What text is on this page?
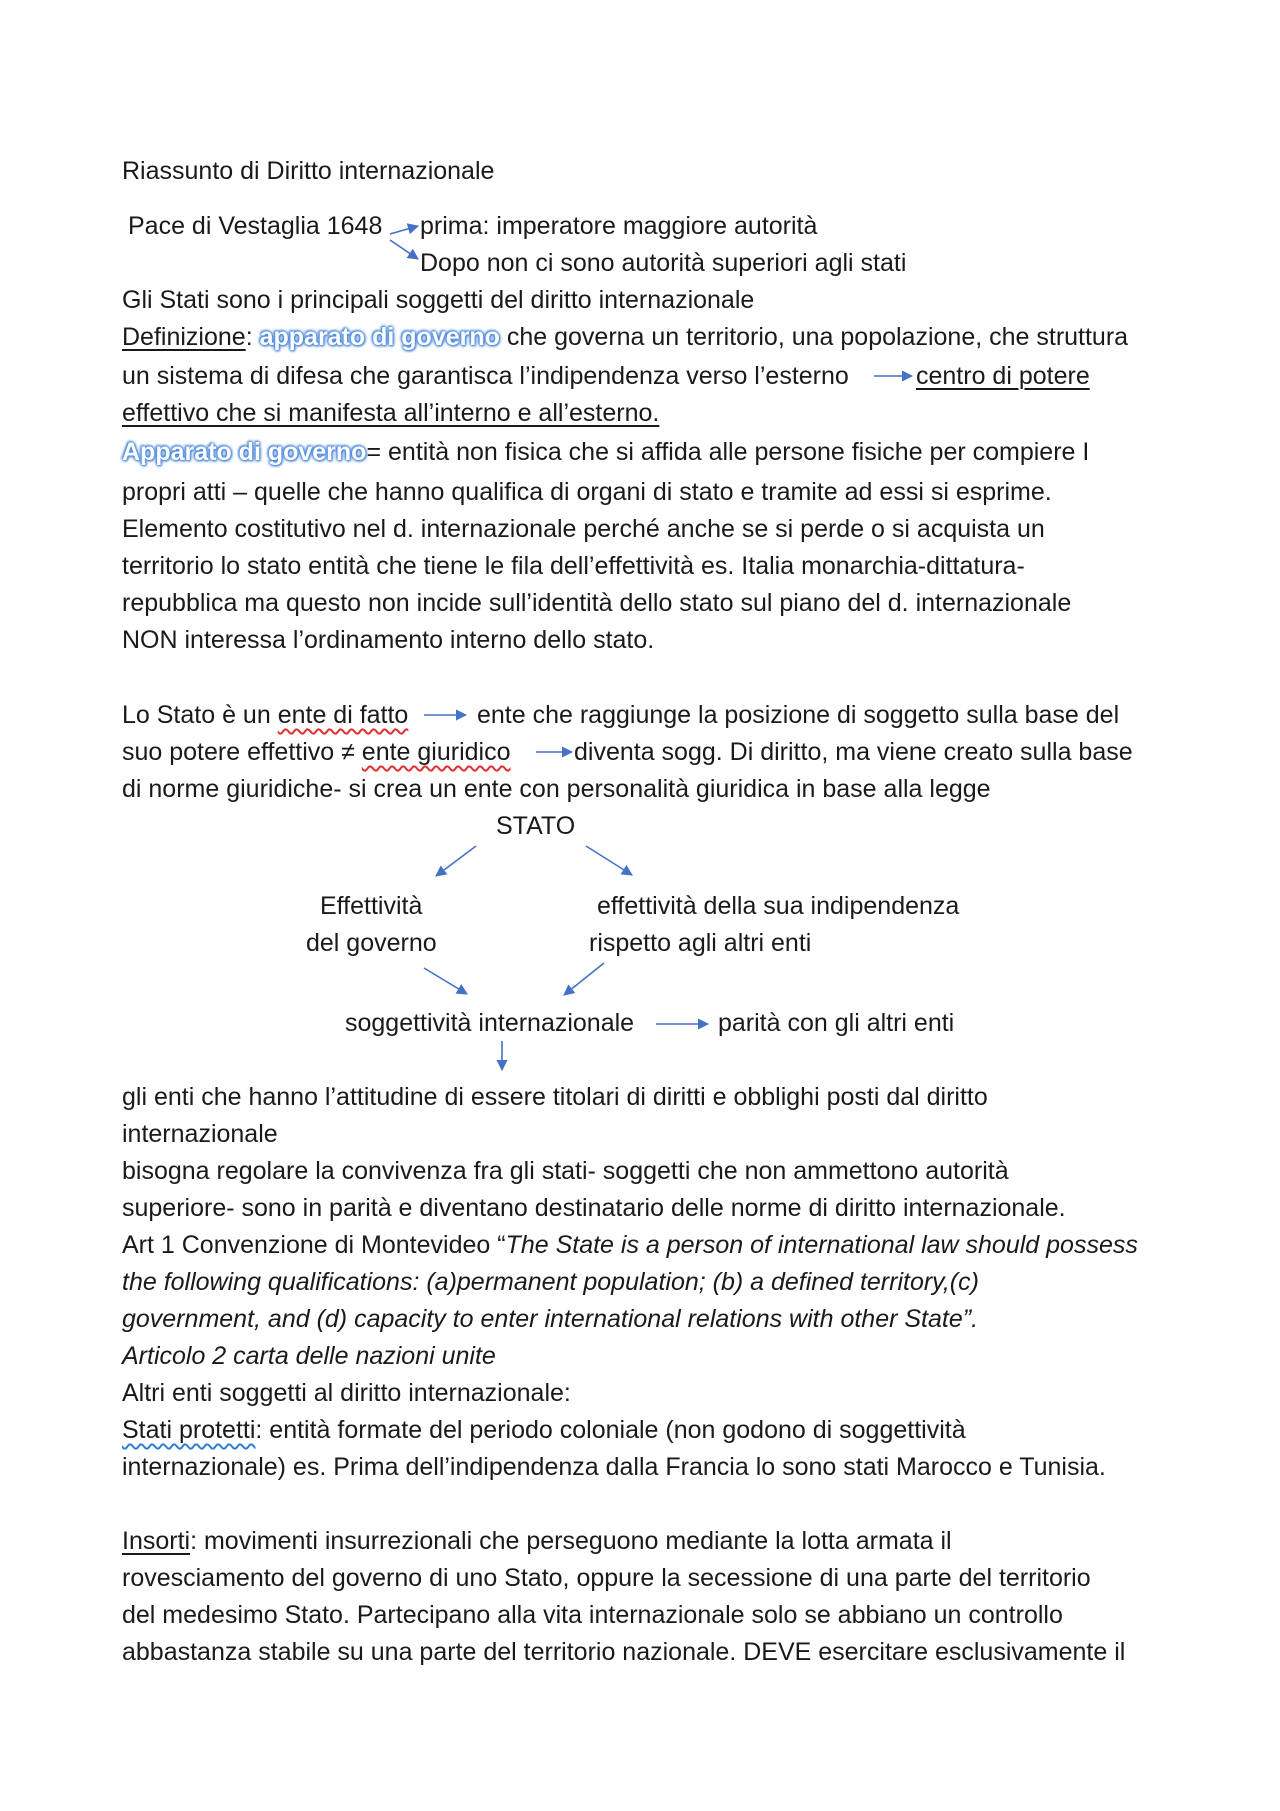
Riassunto di Diritto internazionale
Pace di Vestaglia 1648 prima: imperatore maggiore autorità
Dopo non ci sono autorità superiori agli stati
Gli Stati sono i principali soggetti del diritto internazionale
Definizione: apparato di governo che governa un territorio, una popolazione, che struttura
un sistema di difesa che garantisca l’indipendenza verso l’esterno	centro di potere
effettivo che si manifesta all’interno e all’esterno.
Apparato di governo= entità non fisica che si affida alle persone fisiche per compiere I
propri atti – quelle che hanno qualifica di organi di stato e tramite ad essi si esprime.
Elemento costitutivo nel d. internazionale perché anche se si perde o si acquista un
territorio lo stato entità che tiene le fila dell’effettività es. Italia monarchia-dittatura-
repubblica ma questo non incide sull’identità dello stato sul piano del d. internazionale
NON interessa l’ordinamento interno dello stato.
Lo Stato è un ente di fatto	ente che raggiunge la posizione di soggetto sulla base del
suo potere effettivo ≠ ente giuridico	diventa sogg. Di diritto, ma viene creato sulla base
di norme giuridiche- si crea un ente con personalità giuridica in base alla legge
STATO
Effettività
del governo
effettività della sua indipendenza
rispetto agli altri enti
soggettività internazionale	parità con gli altri enti
gli enti che hanno l’attitudine di essere titolari di diritti e obblighi posti dal diritto
internazionale
bisogna regolare la convivenza fra gli stati- soggetti che non ammettono autorità
superiore- sono in parità e diventano destinatario delle norme di diritto internazionale.
Art 1 Convenzione di Montevideo “The State is a person of international law should possess
the following qualifications: (a)permanent population; (b) a defined territory,(c)
government, and (d) capacity to enter international relations with other State”.
Articolo 2 carta delle nazioni unite
Altri enti soggetti al diritto internazionale:
Stati protetti: entità formate del periodo coloniale (non godono di soggettività
internazionale) es. Prima dell’indipendenza dalla Francia lo sono stati Marocco e Tunisia.
Insorti: movimenti insurrezionali che perseguono mediante la lotta armata il
rovesciamento del governo di uno Stato, oppure la secessione di una parte del territorio
del medesimo Stato. Partecipano alla vita internazionale solo se abbiano un controllo
abbastanza stabile su una parte del territorio nazionale. DEVE esercitare esclusivamente il
